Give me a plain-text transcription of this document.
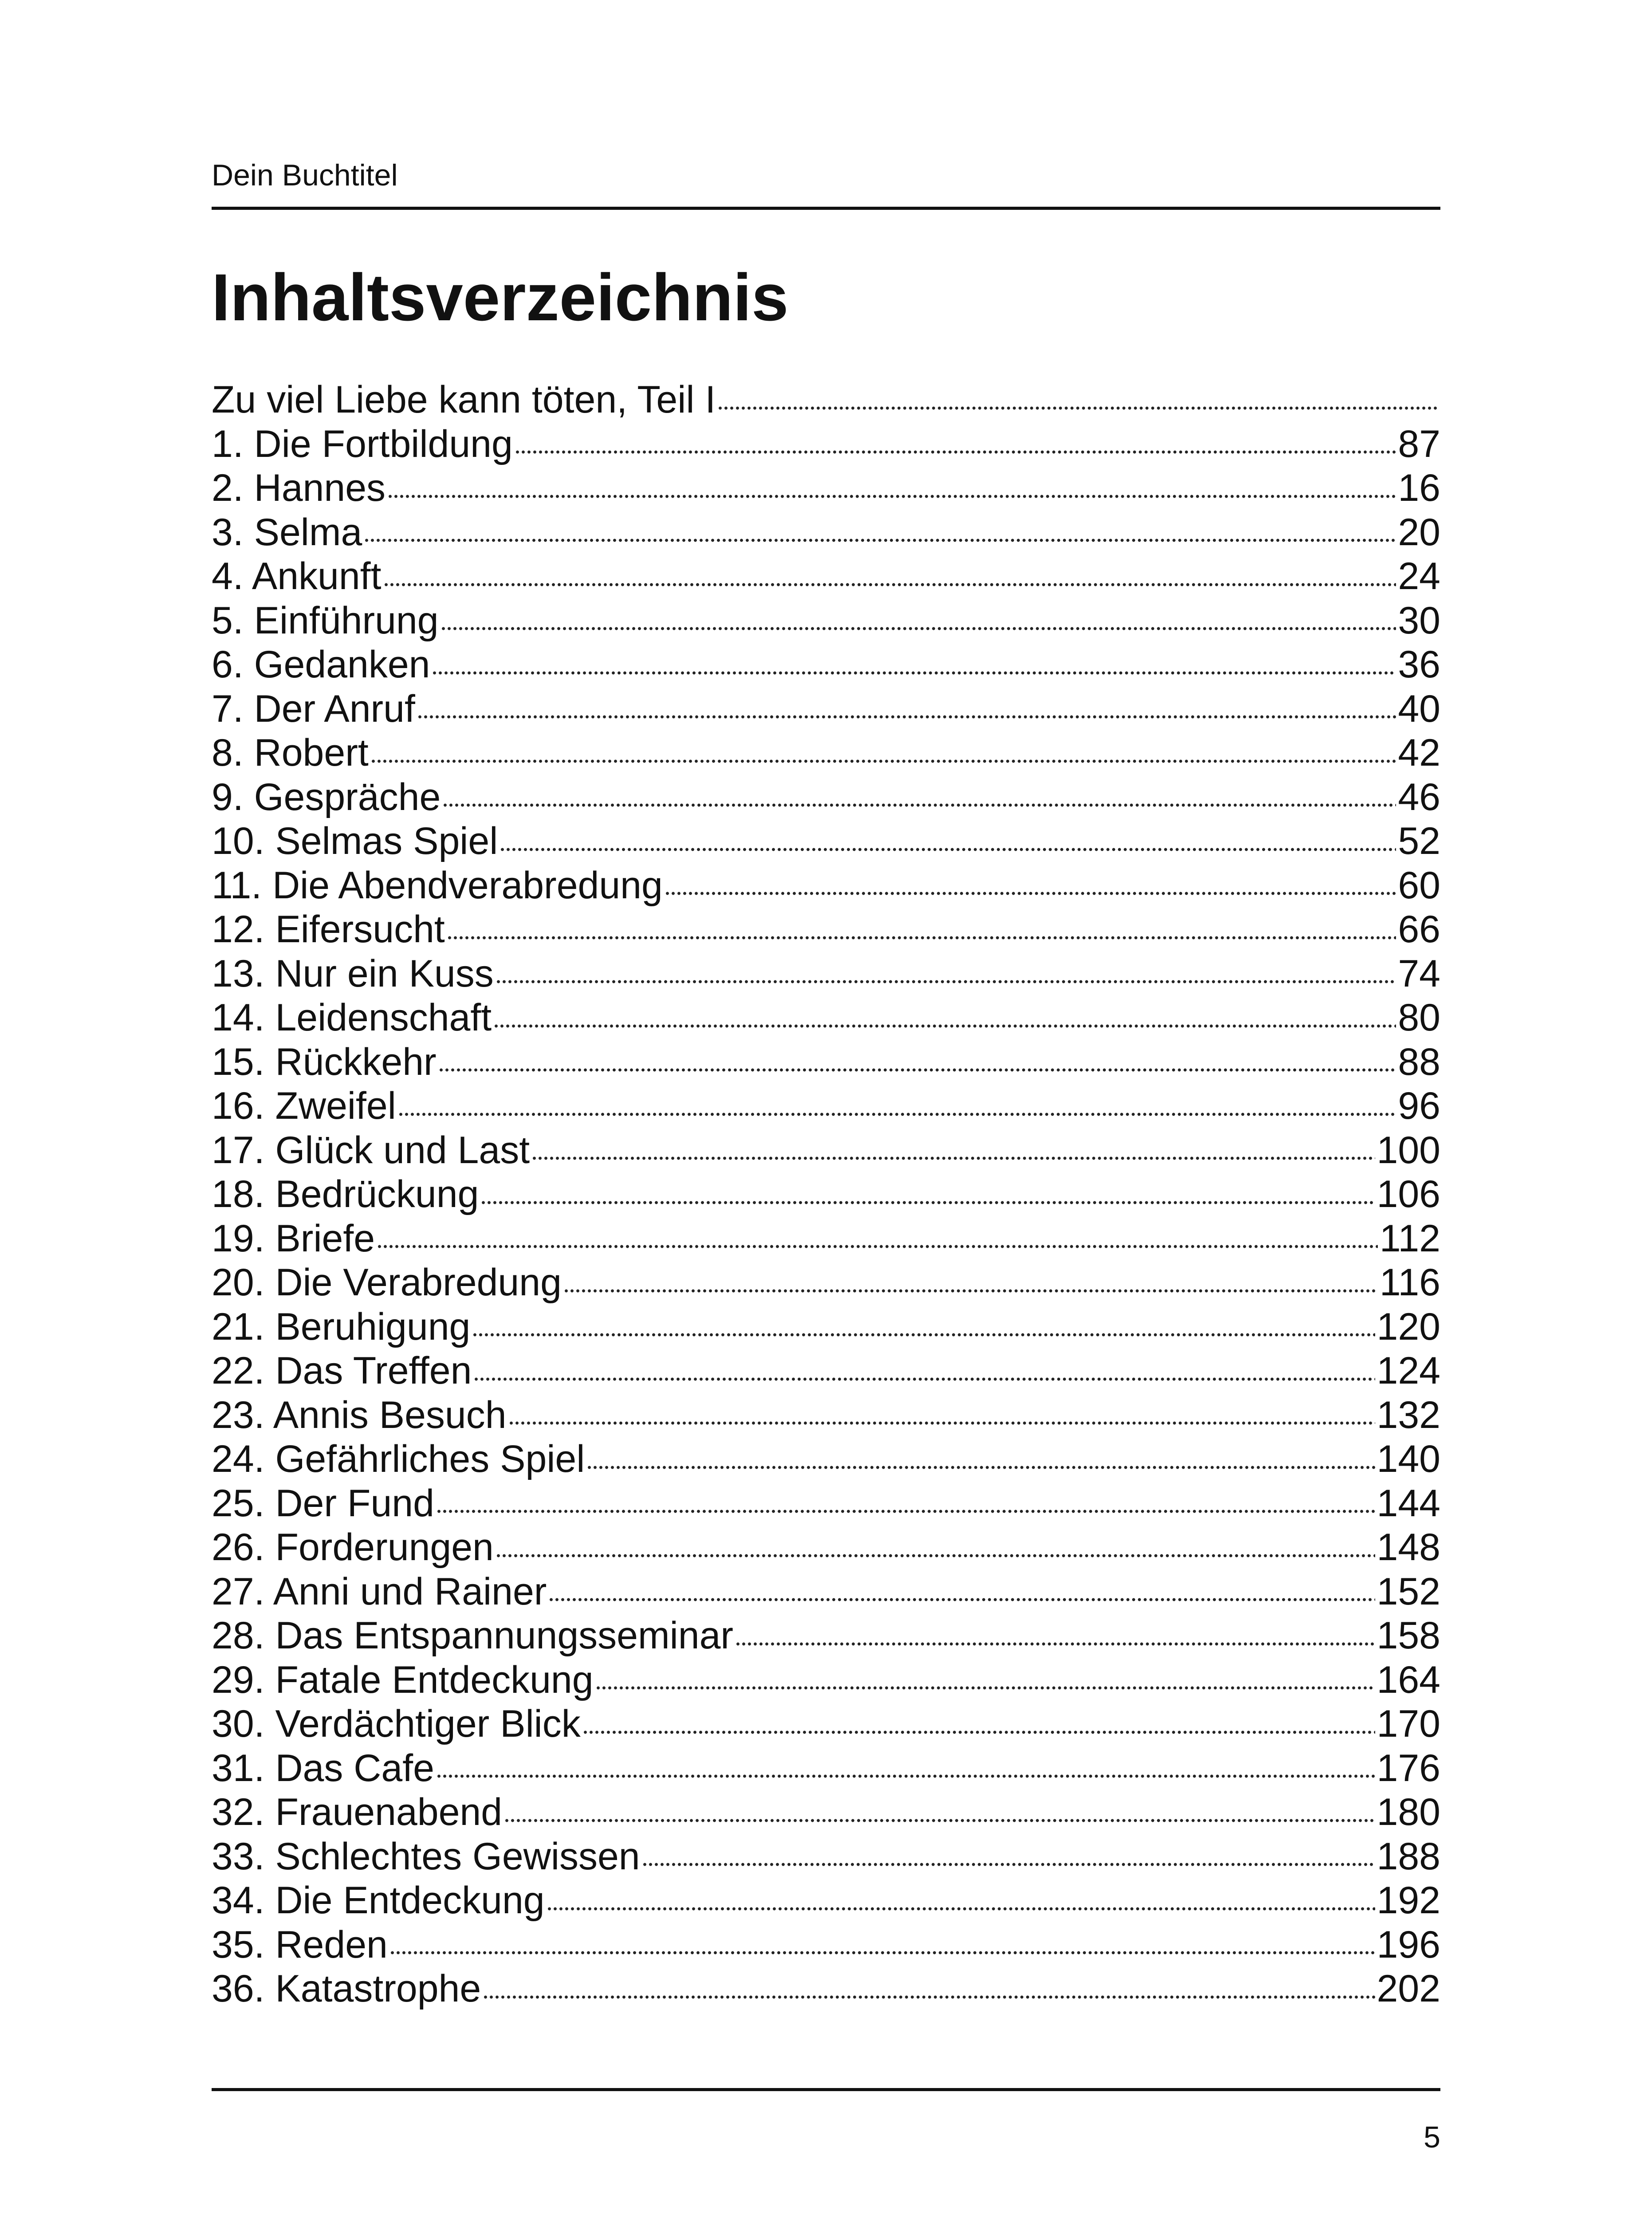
Dein Buchtitel
Inhaltsverzeichnis
Zu viel Liebe kann töten, Teil I
1. Die Fortbildung	87
2. Hannes	16
3. Selma	20
4. Ankunft	24
5. Einführung	30
6. Gedanken	36
7. Der Anruf	40
8. Robert	42
9. Gespräche	46
10. Selmas Spiel	52
11. Die Abendverabredung	60
12. Eifersucht	66
13. Nur ein Kuss	74
14. Leidenschaft	80
15. Rückkehr	88
16. Zweifel	96
17. Glück und Last	100
18. Bedrückung	106
19. Briefe	112
20. Die Verabredung	116
21. Beruhigung	120
22. Das Treffen	124
23. Annis Besuch	132
24. Gefährliches Spiel	140
25. Der Fund	144
26. Forderungen	148
27. Anni und Rainer	152
28. Das Entspannungsseminar	158
29. Fatale Entdeckung	164
30. Verdächtiger Blick	170
31. Das Cafe	176
32. Frauenabend	180
33. Schlechtes Gewissen	188
34. Die Entdeckung	192
35. Reden	196
36. Katastrophe	202
5
